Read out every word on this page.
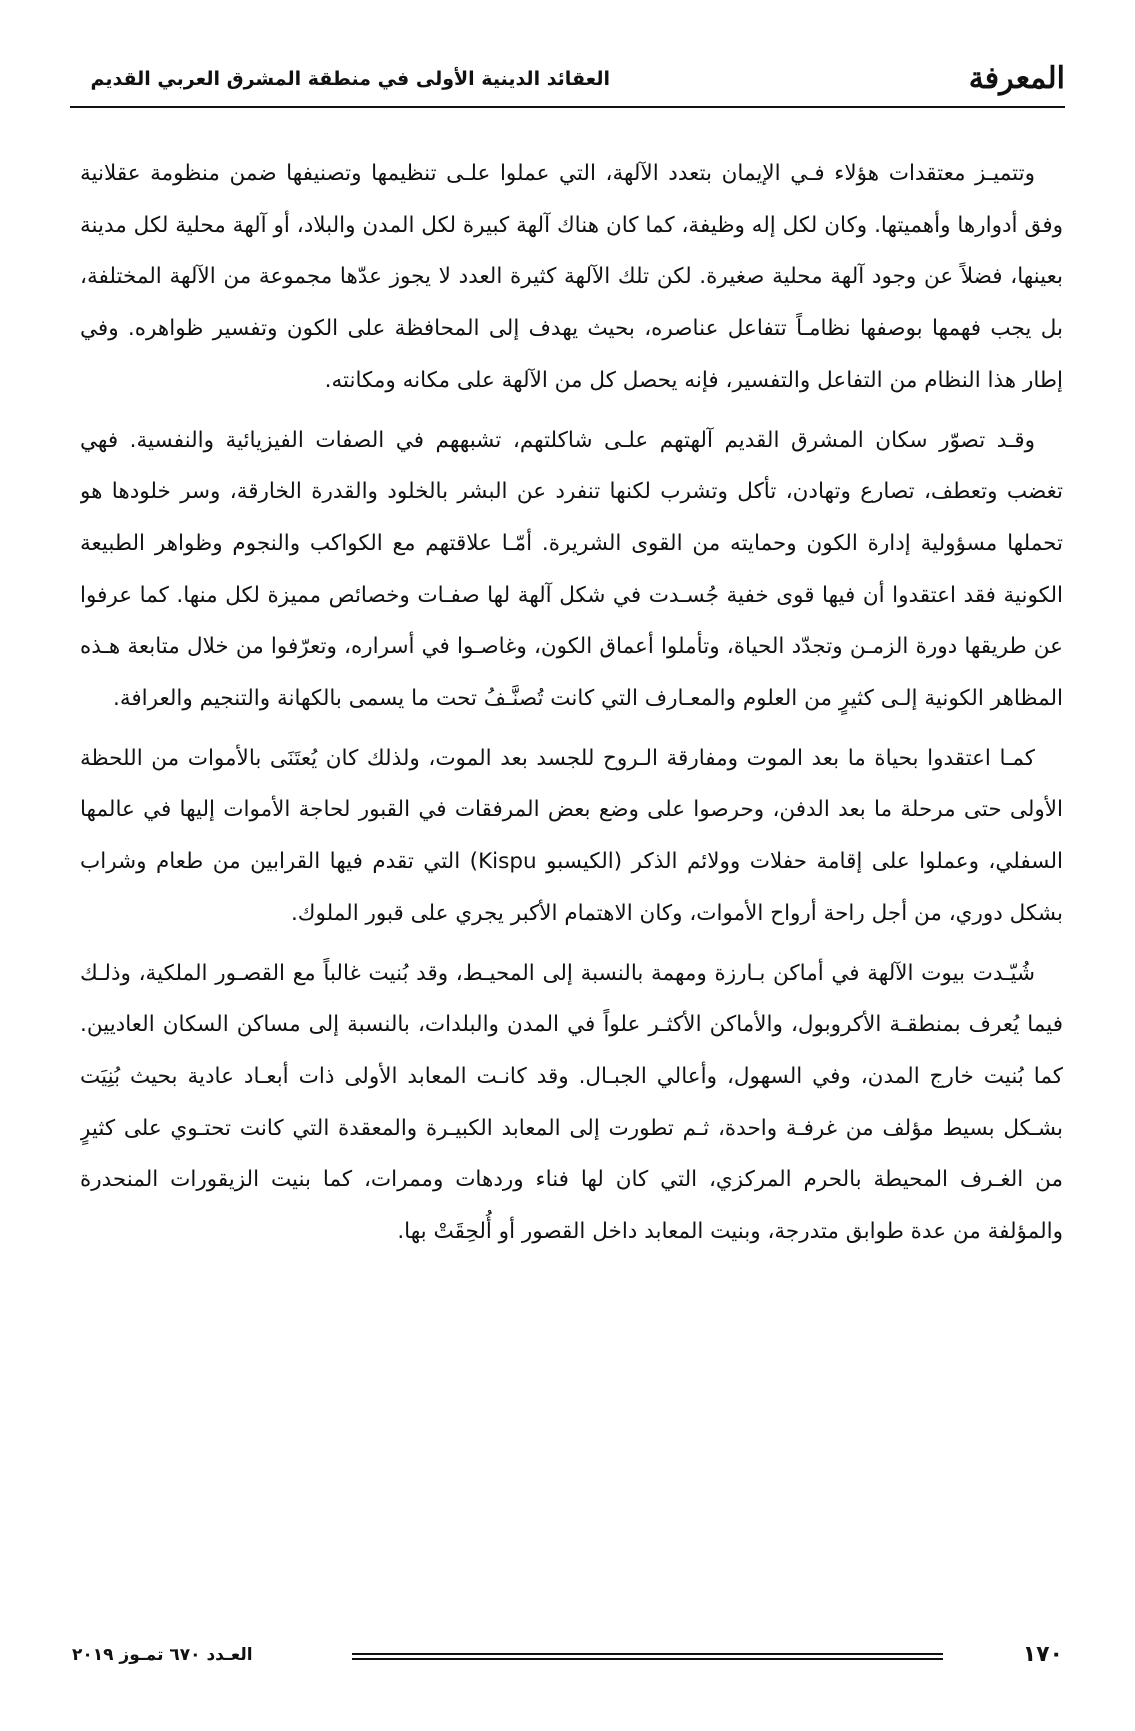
المعرفة
العقائد الدينية الأولى في منطقة المشرق العربي القديم

وتتميـز معتقدات هؤلاء فـي الإيمان بتعدد الآلهة، التي عملوا علـى تنظيمها وتصنيفها ضمن منظومة عقلانية وفق أدوارها وأهميتها. وكان لكل إله وظيفة، كما كان هناك آلهة كبيرة لكل المدن والبلاد، أو آلهة محلية لكل مدينة بعينها، فضلاً عن وجود آلهة محلية صغيرة. لكن تلك الآلهة كثيرة العدد لا يجوز عدّها مجموعة من الآلهة المختلفة، بل يجب فهمها بوصفها نظامـاً تتفاعل عناصره، بحيث يهدف إلى المحافظة على الكون وتفسير ظواهره. وفي إطار هذا النظام من التفاعل والتفسير، فإنه يحصل كل من الآلهة على مكانه ومكانته.

وقـد تصوّر سكان المشرق القديم آلهتهم علـى شاكلتهم، تشبههم في الصفات الفيزيائية والنفسية. فهي تغضب وتعطف، تصارع وتهادن، تأكل وتشرب لكنها تنفرد عن البشر بالخلود والقدرة الخارقة، وسر خلودها هو تحملها مسؤولية إدارة الكون وحمايته من القوى الشريرة. أمّـا علاقتهم مع الكواكب والنجوم وظواهر الطبيعة الكونية فقد اعتقدوا أن فيها قوى خفية جُسـدت في شكل آلهة لها صفـات وخصائص مميزة لكل منها. كما عرفوا عن طريقها دورة الزمـن وتجدّد الحياة، وتأملوا أعماق الكون، وغاصـوا في أسراره، وتعرّفوا من خلال متابعة هـذه المظاهر الكونية إلـى كثيرٍ من العلوم والمعـارف التي كانت تُصنَّـفُ تحت ما يسمى بالكهانة والتنجيم والعرافة.

كمـا اعتقدوا بحياة ما بعد الموت ومفارقة الـروح للجسد بعد الموت، ولذلك كان يُعتَنَى بالأموات من اللحظة الأولى حتى مرحلة ما بعد الدفن، وحرصوا على وضع بعض المرفقات في القبور لحاجة الأموات إليها في عالمها السفلي، وعملوا على إقامة حفلات وولائم الذكر (الكيسبو Kispu) التي تقدم فيها القرابين من طعام وشراب بشكل دوري، من أجل راحة أرواح الأموات، وكان الاهتمام الأكبر يجري على قبور الملوك.

شُيّـدت بيوت الآلهة في أماكن بـارزة ومهمة بالنسبة إلى المحيـط، وقد بُنيت غالباً مع القصـور الملكية، وذلـك فيما يُعرف بمنطقـة الأكروبول، والأماكن الأكثـر علواً في المدن والبلدات، بالنسبة إلى مساكن السكان العاديين. كما بُنيت خارج المدن، وفي السهول، وأعالي الجبـال. وقد كانـت المعابد الأولى ذات أبعـاد عادية بحيث بُنِيَت بشـكل بسيط مؤلف من غرفـة واحدة، ثـم تطورت إلى المعابد الكبيـرة والمعقدة التي كانت تحتـوي على كثيرٍ من الغـرف المحيطة بالحرم المركزي، التي كان لها فناء وردهات وممرات، كما بنيت الزيقورات المنحدرة والمؤلفة من عدة طوابق متدرجة، وبنيت المعابد داخل القصور أو أُلحِقَتْ بها.

١٧٠
العـدد ٦٧٠ تمـوز ٢٠١٩
